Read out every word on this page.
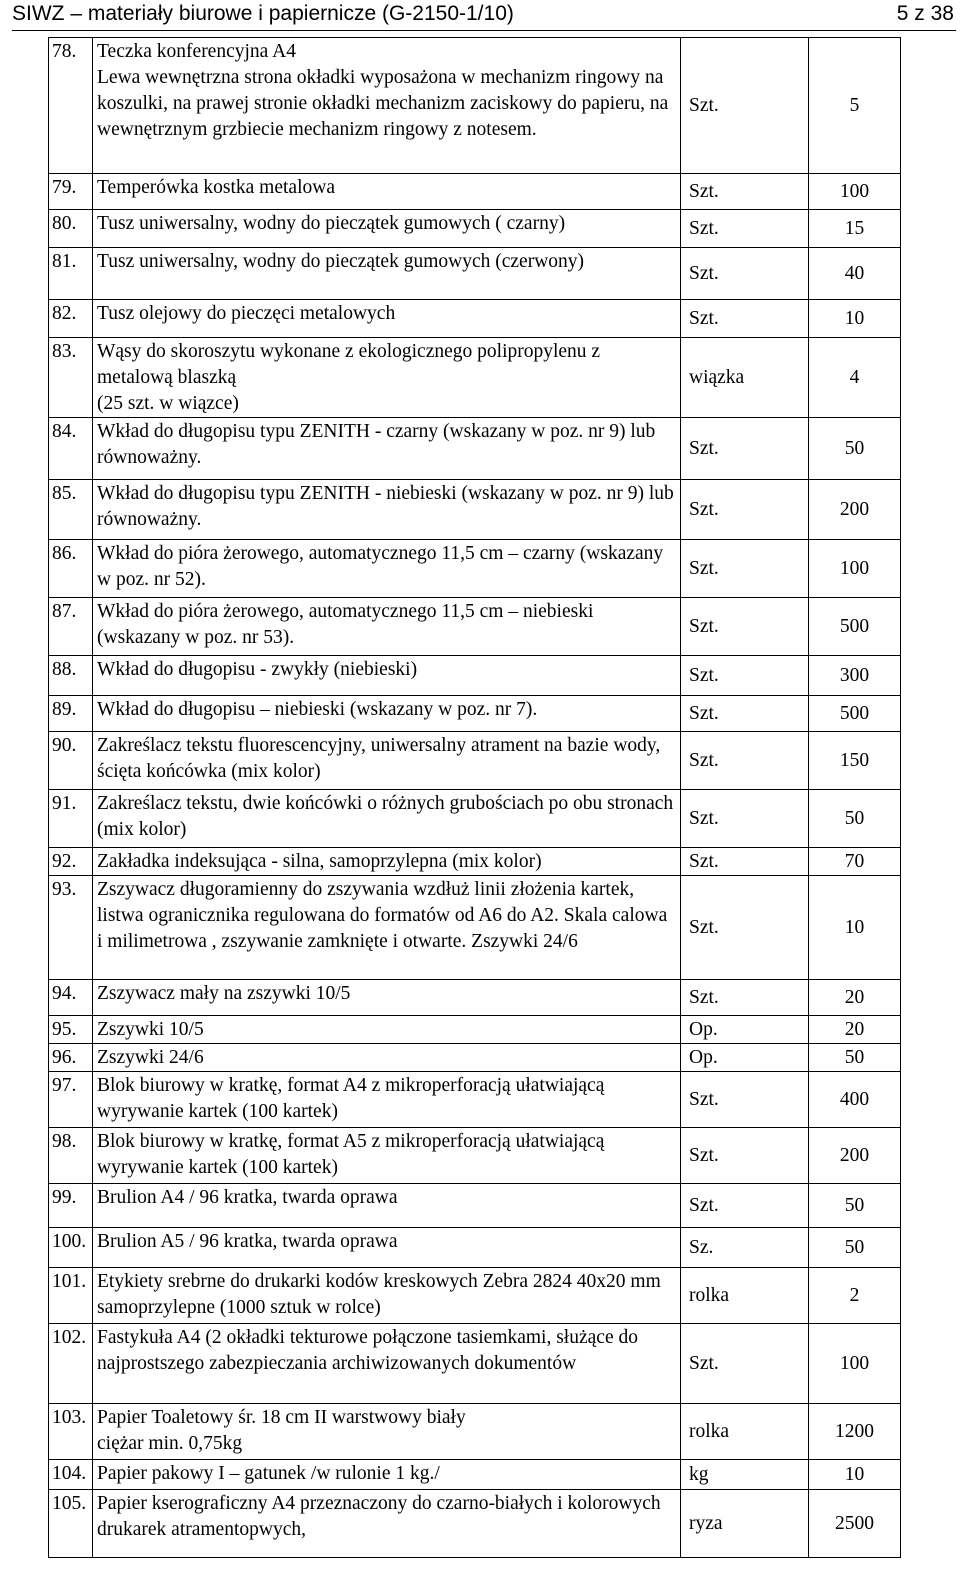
SIWZ – materiały biurowe i papiernicze (G-2150-1/10)	5 z 38
78.	Teczka konferencyjna A4
Lewa wewnętrzna strona okładki wyposażona w mechanizm ringowy na koszulki, na prawej stronie okładki mechanizm zaciskowy do papieru, na wewnętrznym grzbiecie mechanizm ringowy z notesem.	Szt.	5
79.	Temperówka kostka metalowa	Szt.	100
80.	Tusz uniwersalny, wodny do pieczątek gumowych ( czarny)	Szt.	15
81.	Tusz uniwersalny, wodny do pieczątek gumowych (czerwony)	Szt.	40
82.	Tusz olejowy do pieczęci metalowych	Szt.	10
83.	Wąsy do skoroszytu wykonane z ekologicznego polipropylenu z metalową blaszką
(25 szt. w wiązce)	wiązka	4
84.	Wkład do długopisu typu ZENITH - czarny (wskazany w poz. nr 9) lub równoważny.	Szt.	50
85.	Wkład do długopisu typu ZENITH - niebieski (wskazany w poz. nr 9) lub równoważny.	Szt.	200
86.	Wkład do pióra żerowego, automatycznego 11,5 cm – czarny (wskazany w poz. nr 52).	Szt.	100
87.	Wkład do pióra żerowego, automatycznego 11,5 cm – niebieski (wskazany w poz. nr 53).	Szt.	500
88.	Wkład do długopisu - zwykły (niebieski)	Szt.	300
89.	Wkład do długopisu – niebieski (wskazany w poz. nr 7).	Szt.	500
90.	Zakreślacz tekstu fluorescencyjny, uniwersalny atrament na bazie wody, ścięta końcówka (mix kolor)	Szt.	150
91.	Zakreślacz tekstu, dwie końcówki o różnych grubościach po obu stronach (mix kolor)	Szt.	50
92.	Zakładka indeksująca - silna, samoprzylepna (mix kolor)	Szt.	70
93.	Zszywacz długoramienny do zszywania wzdłuż linii złożenia kartek, listwa ogranicznika regulowana do formatów od A6 do A2. Skala calowa i milimetrowa , zszywanie zamknięte i otwarte. Zszywki 24/6	Szt.	10
94.	Zszywacz mały na zszywki 10/5	Szt.	20
95.	Zszywki 10/5	Op.	20
96.	Zszywki 24/6	Op.	50
97.	Blok biurowy w kratkę, format A4 z mikroperforacją ułatwiającą wyrywanie kartek (100 kartek)	Szt.	400
98.	Blok biurowy w kratkę, format A5 z mikroperforacją ułatwiającą wyrywanie kartek (100 kartek)	Szt.	200
99.	Brulion A4 / 96 kratka, twarda oprawa	Szt.	50
100.	Brulion A5 / 96 kratka, twarda oprawa	Sz.	50
101.	Etykiety srebrne do drukarki kodów kreskowych Zebra 2824 40x20 mm samoprzylepne (1000 sztuk w rolce)	rolka	2
102.	Fastykuła A4 (2 okładki tekturowe połączone tasiemkami, służące do najprostszego zabezpieczania archiwizowanych dokumentów	Szt.	100
103.	Papier Toaletowy śr. 18 cm II warstwowy biały
ciężar min. 0,75kg	rolka	1200
104.	Papier pakowy I – gatunek /w rulonie 1 kg./	kg	10
105.	Papier kserograficzny A4 przeznaczony do czarno-białych i kolorowych drukarek atramentopwych,	ryza	2500
